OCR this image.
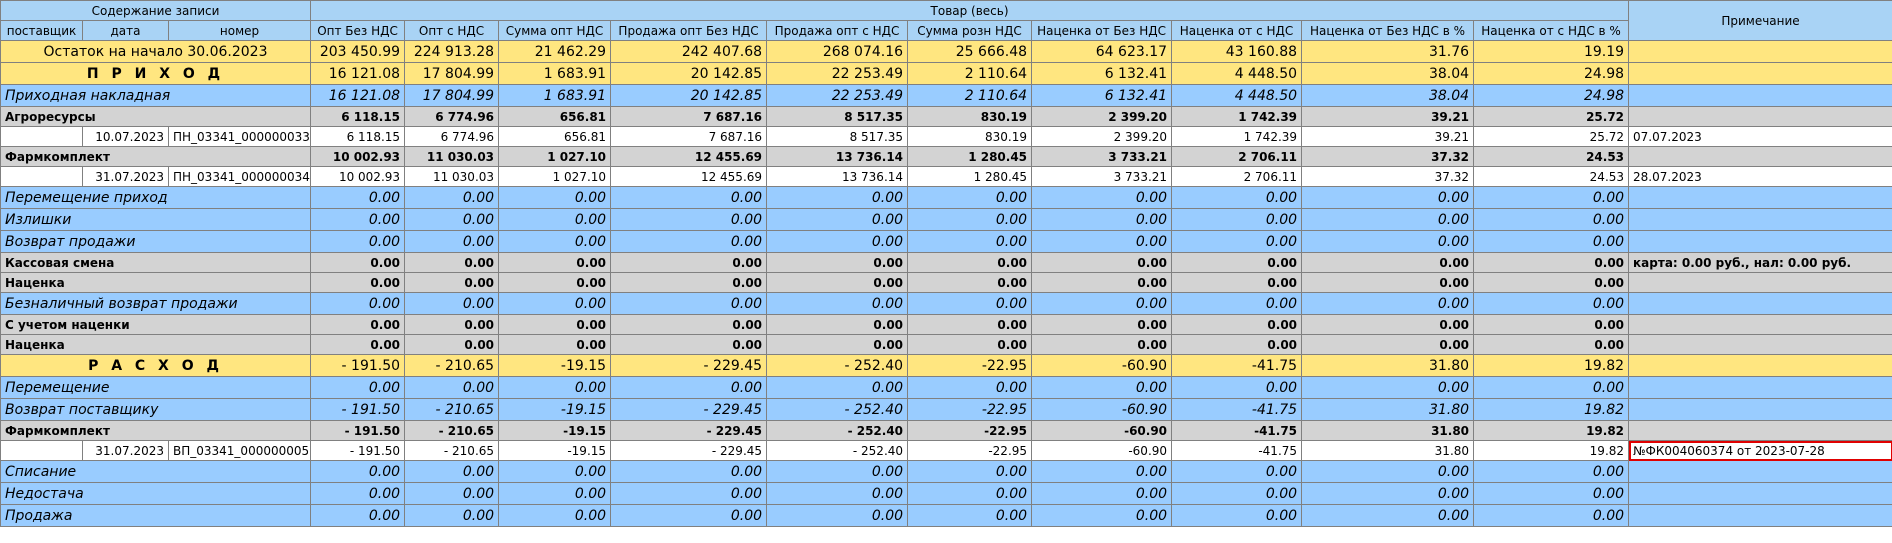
Содержание записи			Товар (весь)										Примечание
поставщик	дата	номер	Опт Без НДС	Опт с НДС	Сумма опт НДС	Продажа опт Без НДС	Продажа опт с НДС	Сумма розн НДС	Наценка от Без НДС	Наценка от с НДС	Наценка от Без НДС в %	Наценка от с НДС в %	
Остаток на начало 30.06.2023			203 450.99	224 913.28	21 462.29	242 407.68	268 074.16	25 666.48	64 623.17	43 160.88	31.76	19.19	
П Р И Х О Д			16 121.08	17 804.99	1 683.91	20 142.85	22 253.49	2 110.64	6 132.41	4 448.50	38.04	24.98	
Приходная накладная			16 121.08	17 804.99	1 683.91	20 142.85	22 253.49	2 110.64	6 132.41	4 448.50	38.04	24.98	
Агроресурсы			6 118.15	6 774.96	656.81	7 687.16	8 517.35	830.19	2 399.20	1 742.39	39.21	25.72	
	10.07.2023	ПН_03341_000000033	6 118.15	6 774.96	656.81	7 687.16	8 517.35	830.19	2 399.20	1 742.39	39.21	25.72	07.07.2023
Фармкомплект			10 002.93	11 030.03	1 027.10	12 455.69	13 736.14	1 280.45	3 733.21	2 706.11	37.32	24.53	
	31.07.2023	ПН_03341_000000034	10 002.93	11 030.03	1 027.10	12 455.69	13 736.14	1 280.45	3 733.21	2 706.11	37.32	24.53	28.07.2023
Перемещение приход			0.00	0.00	0.00	0.00	0.00	0.00	0.00	0.00	0.00	0.00	
Излишки			0.00	0.00	0.00	0.00	0.00	0.00	0.00	0.00	0.00	0.00	
Возврат продажи			0.00	0.00	0.00	0.00	0.00	0.00	0.00	0.00	0.00	0.00	
Кассовая смена			0.00	0.00	0.00	0.00	0.00	0.00	0.00	0.00	0.00	0.00	карта: 0.00 руб., нал: 0.00 руб.
Наценка			0.00	0.00	0.00	0.00	0.00	0.00	0.00	0.00	0.00	0.00	
Безналичный возврат продажи			0.00	0.00	0.00	0.00	0.00	0.00	0.00	0.00	0.00	0.00	
С учетом наценки			0.00	0.00	0.00	0.00	0.00	0.00	0.00	0.00	0.00	0.00	
Наценка			0.00	0.00	0.00	0.00	0.00	0.00	0.00	0.00	0.00	0.00	
Р А С Х О Д			- 191.50	- 210.65	-19.15	- 229.45	- 252.40	-22.95	-60.90	-41.75	31.80	19.82	
Перемещение			0.00	0.00	0.00	0.00	0.00	0.00	0.00	0.00	0.00	0.00	
Возврат поставщику			- 191.50	- 210.65	-19.15	- 229.45	- 252.40	-22.95	-60.90	-41.75	31.80	19.82	
Фармкомплект			- 191.50	- 210.65	-19.15	- 229.45	- 252.40	-22.95	-60.90	-41.75	31.80	19.82	
	31.07.2023	ВП_03341_000000005	- 191.50	- 210.65	-19.15	- 229.45	- 252.40	-22.95	-60.90	-41.75	31.80	19.82	№ФК004060374 от 2023-07-28
Списание			0.00	0.00	0.00	0.00	0.00	0.00	0.00	0.00	0.00	0.00	
Недостача			0.00	0.00	0.00	0.00	0.00	0.00	0.00	0.00	0.00	0.00	
Продажа			0.00	0.00	0.00	0.00	0.00	0.00	0.00	0.00	0.00	0.00	
